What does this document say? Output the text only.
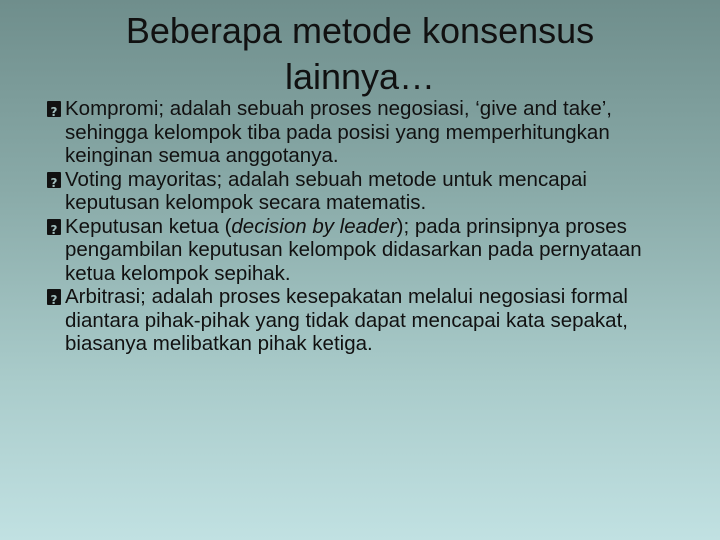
Beberapa metode konsensus lainnya…
?
Kompromi; adalah sebuah proses negosiasi, ‘give and take’, sehingga kelompok tiba pada posisi yang memperhitungkan keinginan semua anggotanya.
?
Voting mayoritas; adalah sebuah metode untuk mencapai keputusan kelompok secara matematis.
?
Keputusan ketua (decision by leader); pada prinsipnya proses pengambilan keputusan kelompok didasarkan pada pernyataan ketua kelompok sepihak.
?
Arbitrasi; adalah proses kesepakatan melalui negosiasi formal diantara pihak-pihak yang tidak dapat mencapai kata sepakat, biasanya melibatkan pihak ketiga.
